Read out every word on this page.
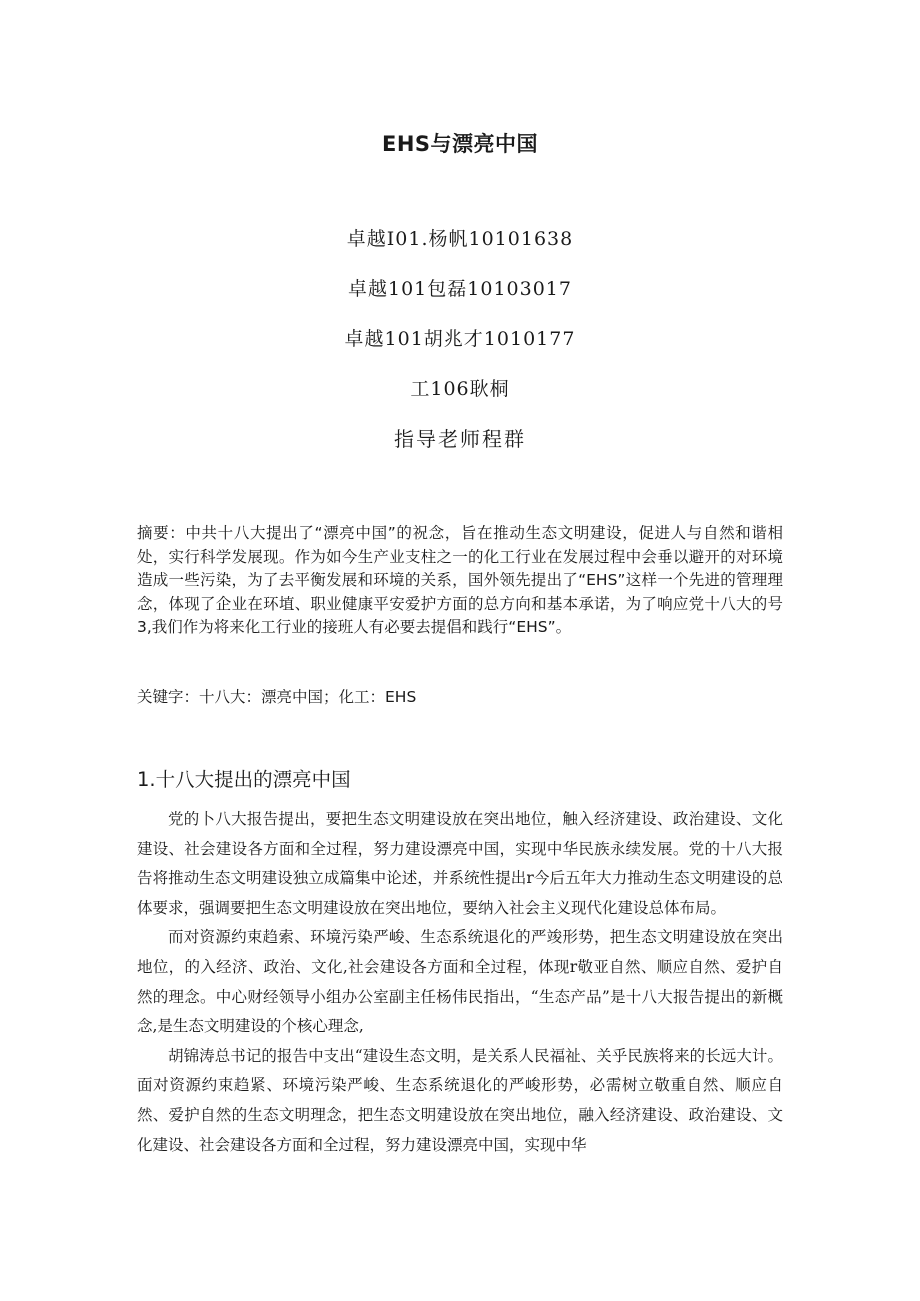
EHS与漂亮中国
卓越I01.杨帆10101638
卓越101包磊10103017
卓越101胡兆才1010177
工106耿桐
指导老师程群
摘要：中共十八大提出了“漂亮中国”的祝念，旨在推动生态文明建设，促进人与自然和谐相处，实行科学发展现。作为如今生产业支柱之一的化工行业在发展过程中会垂以避开的对环境造成一些污染，为了去平衡发展和环境的关系，国外领先提出了“EHS”这样一个先进的管理理念，体现了企业在环埴、职业健康平安爱护方面的总方向和基本承诺，为了响应党十八大的号3,我们作为将来化工行业的接班人有必要去提倡和践行“EHS”。
关键字：十八大：漂亮中国；化工：EHS
1.十八大提出的漂亮中国

党的卜八大报告提出，要把生态文明建设放在突出地位，触入经济建设、政治建设、文化建设、社会建设各方面和全过程，努力建设漂亮中国，实现中华民族永续发展。党的十八大报告将推动生态文明建设独立成篇集中论述，并系统性提出r今后五年大力推动生态文明建设的总体要求，强调要把生态文明建设放在突出地位，要纳入社会主义现代化建设总体布局。

而对资源约束趋索、环境污染严峻、生态系统退化的严竣形势，把生态文明建设放在突出地位，的入经济、政治、文化,社会建设各方面和全过程，体现r敬亚自然、顺应自然、爱护自然的理念。中心财经领导小组办公室副主任杨伟民指出，“生态产品”是十八大报告提出的新概念,是生态文明建设的个核心理念,

胡锦涛总书记的报告中支出“建设生态文明，是关系人民福祉、关乎民族将来的长远大计。面对资源约束趋紧、环境污染严峻、生态系统退化的严峻形势，必需树立敬重自然、顺应自然、爱护自然的生态文明理念，把生态文明建设放在突出地位，融入经济建设、政治建设、文化建设、社会建设各方面和全过程，努力建设漂亮中国，实现中华
